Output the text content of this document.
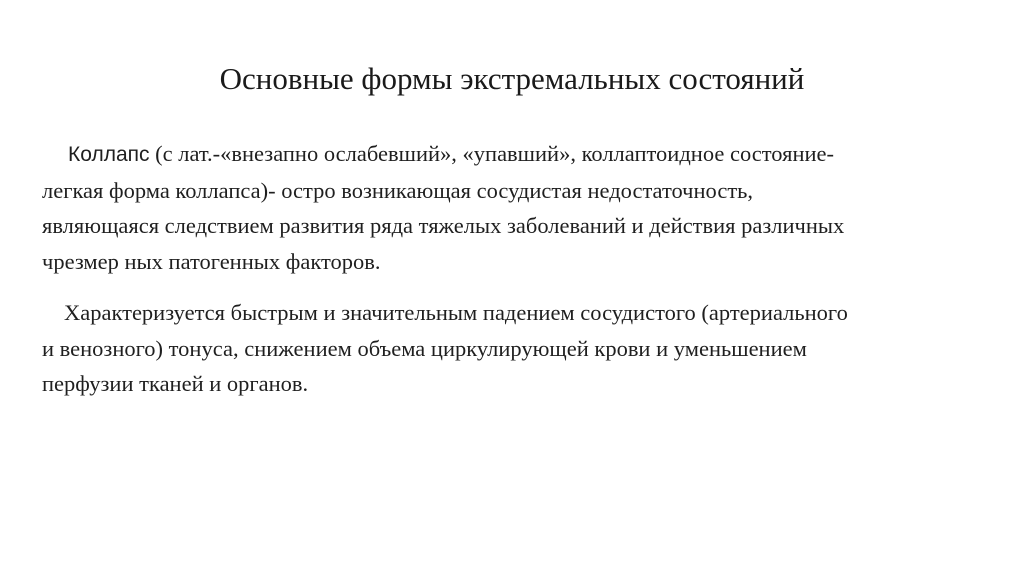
Основные формы экстремальных состояний
Коллапс (с лат.-«внезапно ослабевший», «упавший», коллаптоидное состояние-
легкая форма коллапса)- остро возникающая сосудистая недостаточность,
являющаяся следствием развития ряда тяжелых заболеваний и действия различных
чрезмер ных патогенных факторов.
Характеризуется быстрым и значительным падением сосудистого (артериального
и венозного) тонуса, снижением объема циркулирующей крови и уменьшением
перфузии тканей и органов.
